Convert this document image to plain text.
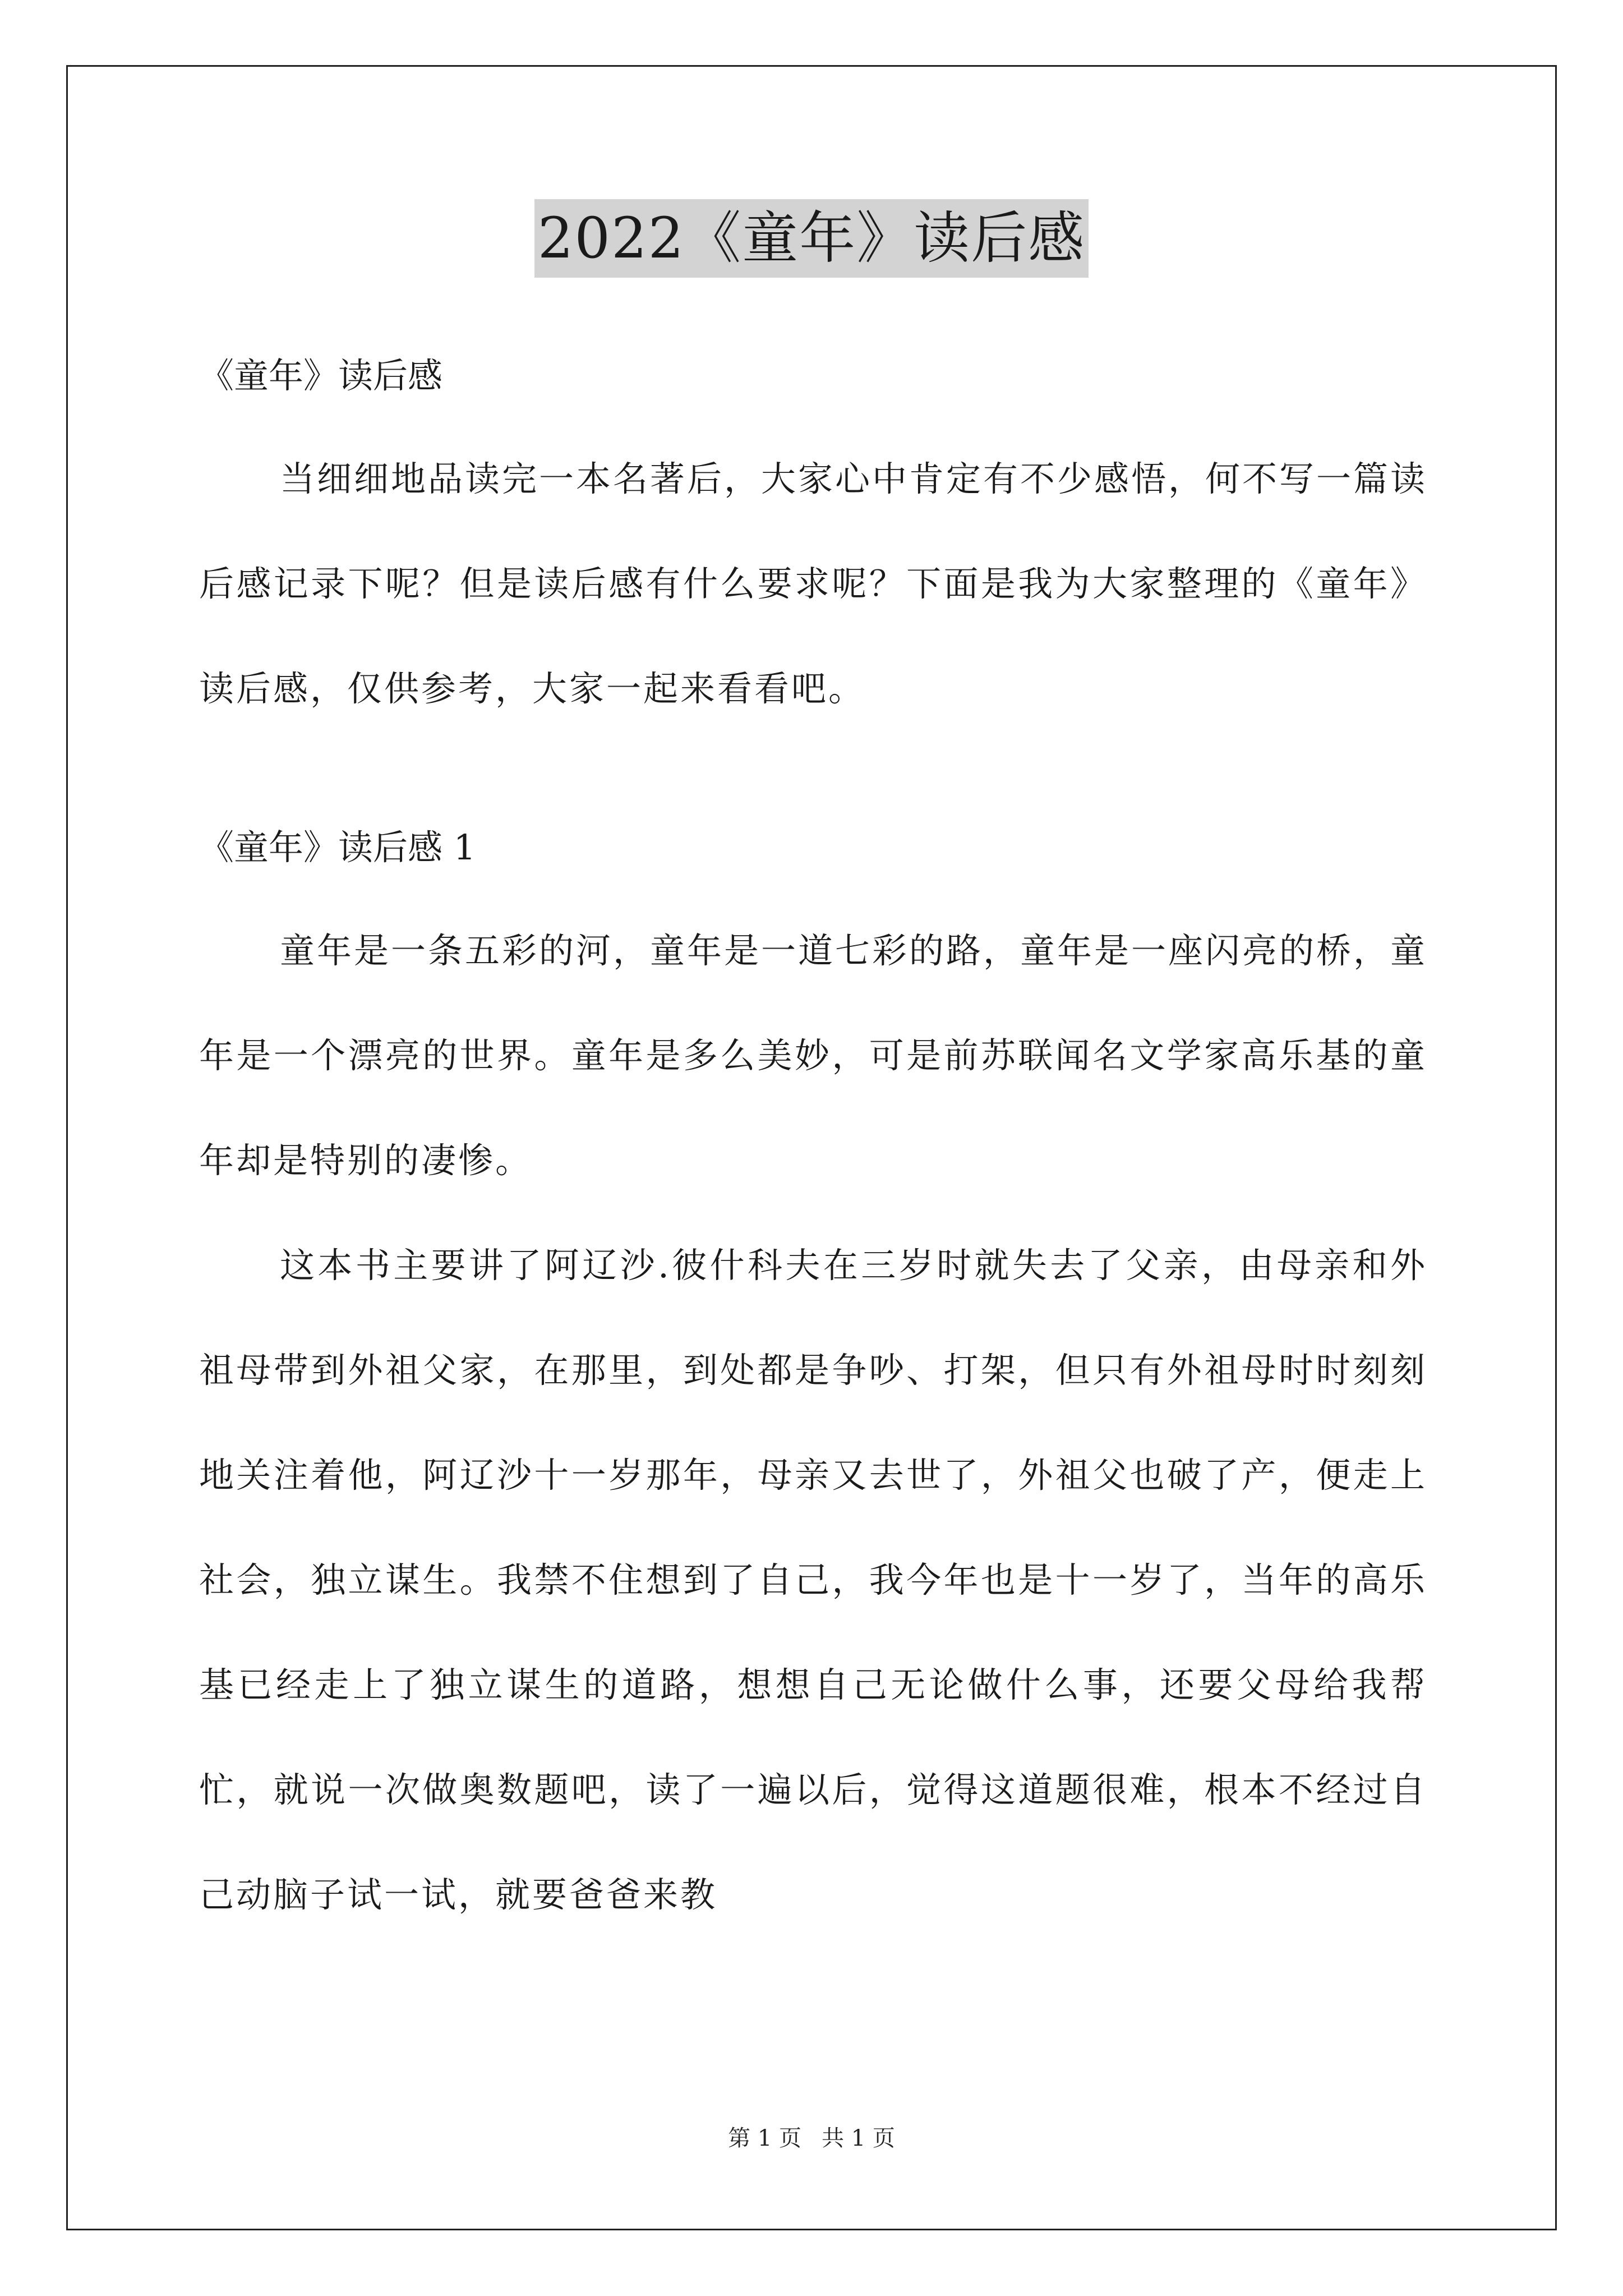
2022《童年》读后感

《童年》读后感

当细细地品读完一本名著后，大家心中肯定有不少感悟，何不写一篇读后感记录下呢？但是读后感有什么要求呢？下面是我为大家整理的《童年》读后感，仅供参考，大家一起来看看吧。

《童年》读后感 1

童年是一条五彩的河，童年是一道七彩的路，童年是一座闪亮的桥，童年是一个漂亮的世界。童年是多么美妙，可是前苏联闻名文学家高乐基的童年却是特别的凄惨。

这本书主要讲了阿辽沙.彼什科夫在三岁时就失去了父亲，由母亲和外祖母带到外祖父家，在那里，到处都是争吵、打架，但只有外祖母时时刻刻地关注着他，阿辽沙十一岁那年，母亲又去世了，外祖父也破了产，便走上社会，独立谋生。我禁不住想到了自己，我今年也是十一岁了，当年的高乐基已经走上了独立谋生的道路，想想自己无论做什么事，还要父母给我帮忙，就说一次做奥数题吧，读了一遍以后，觉得这道题很难，根本不经过自己动脑子试一试，就要爸爸来教

第 1 页 共 1 页
